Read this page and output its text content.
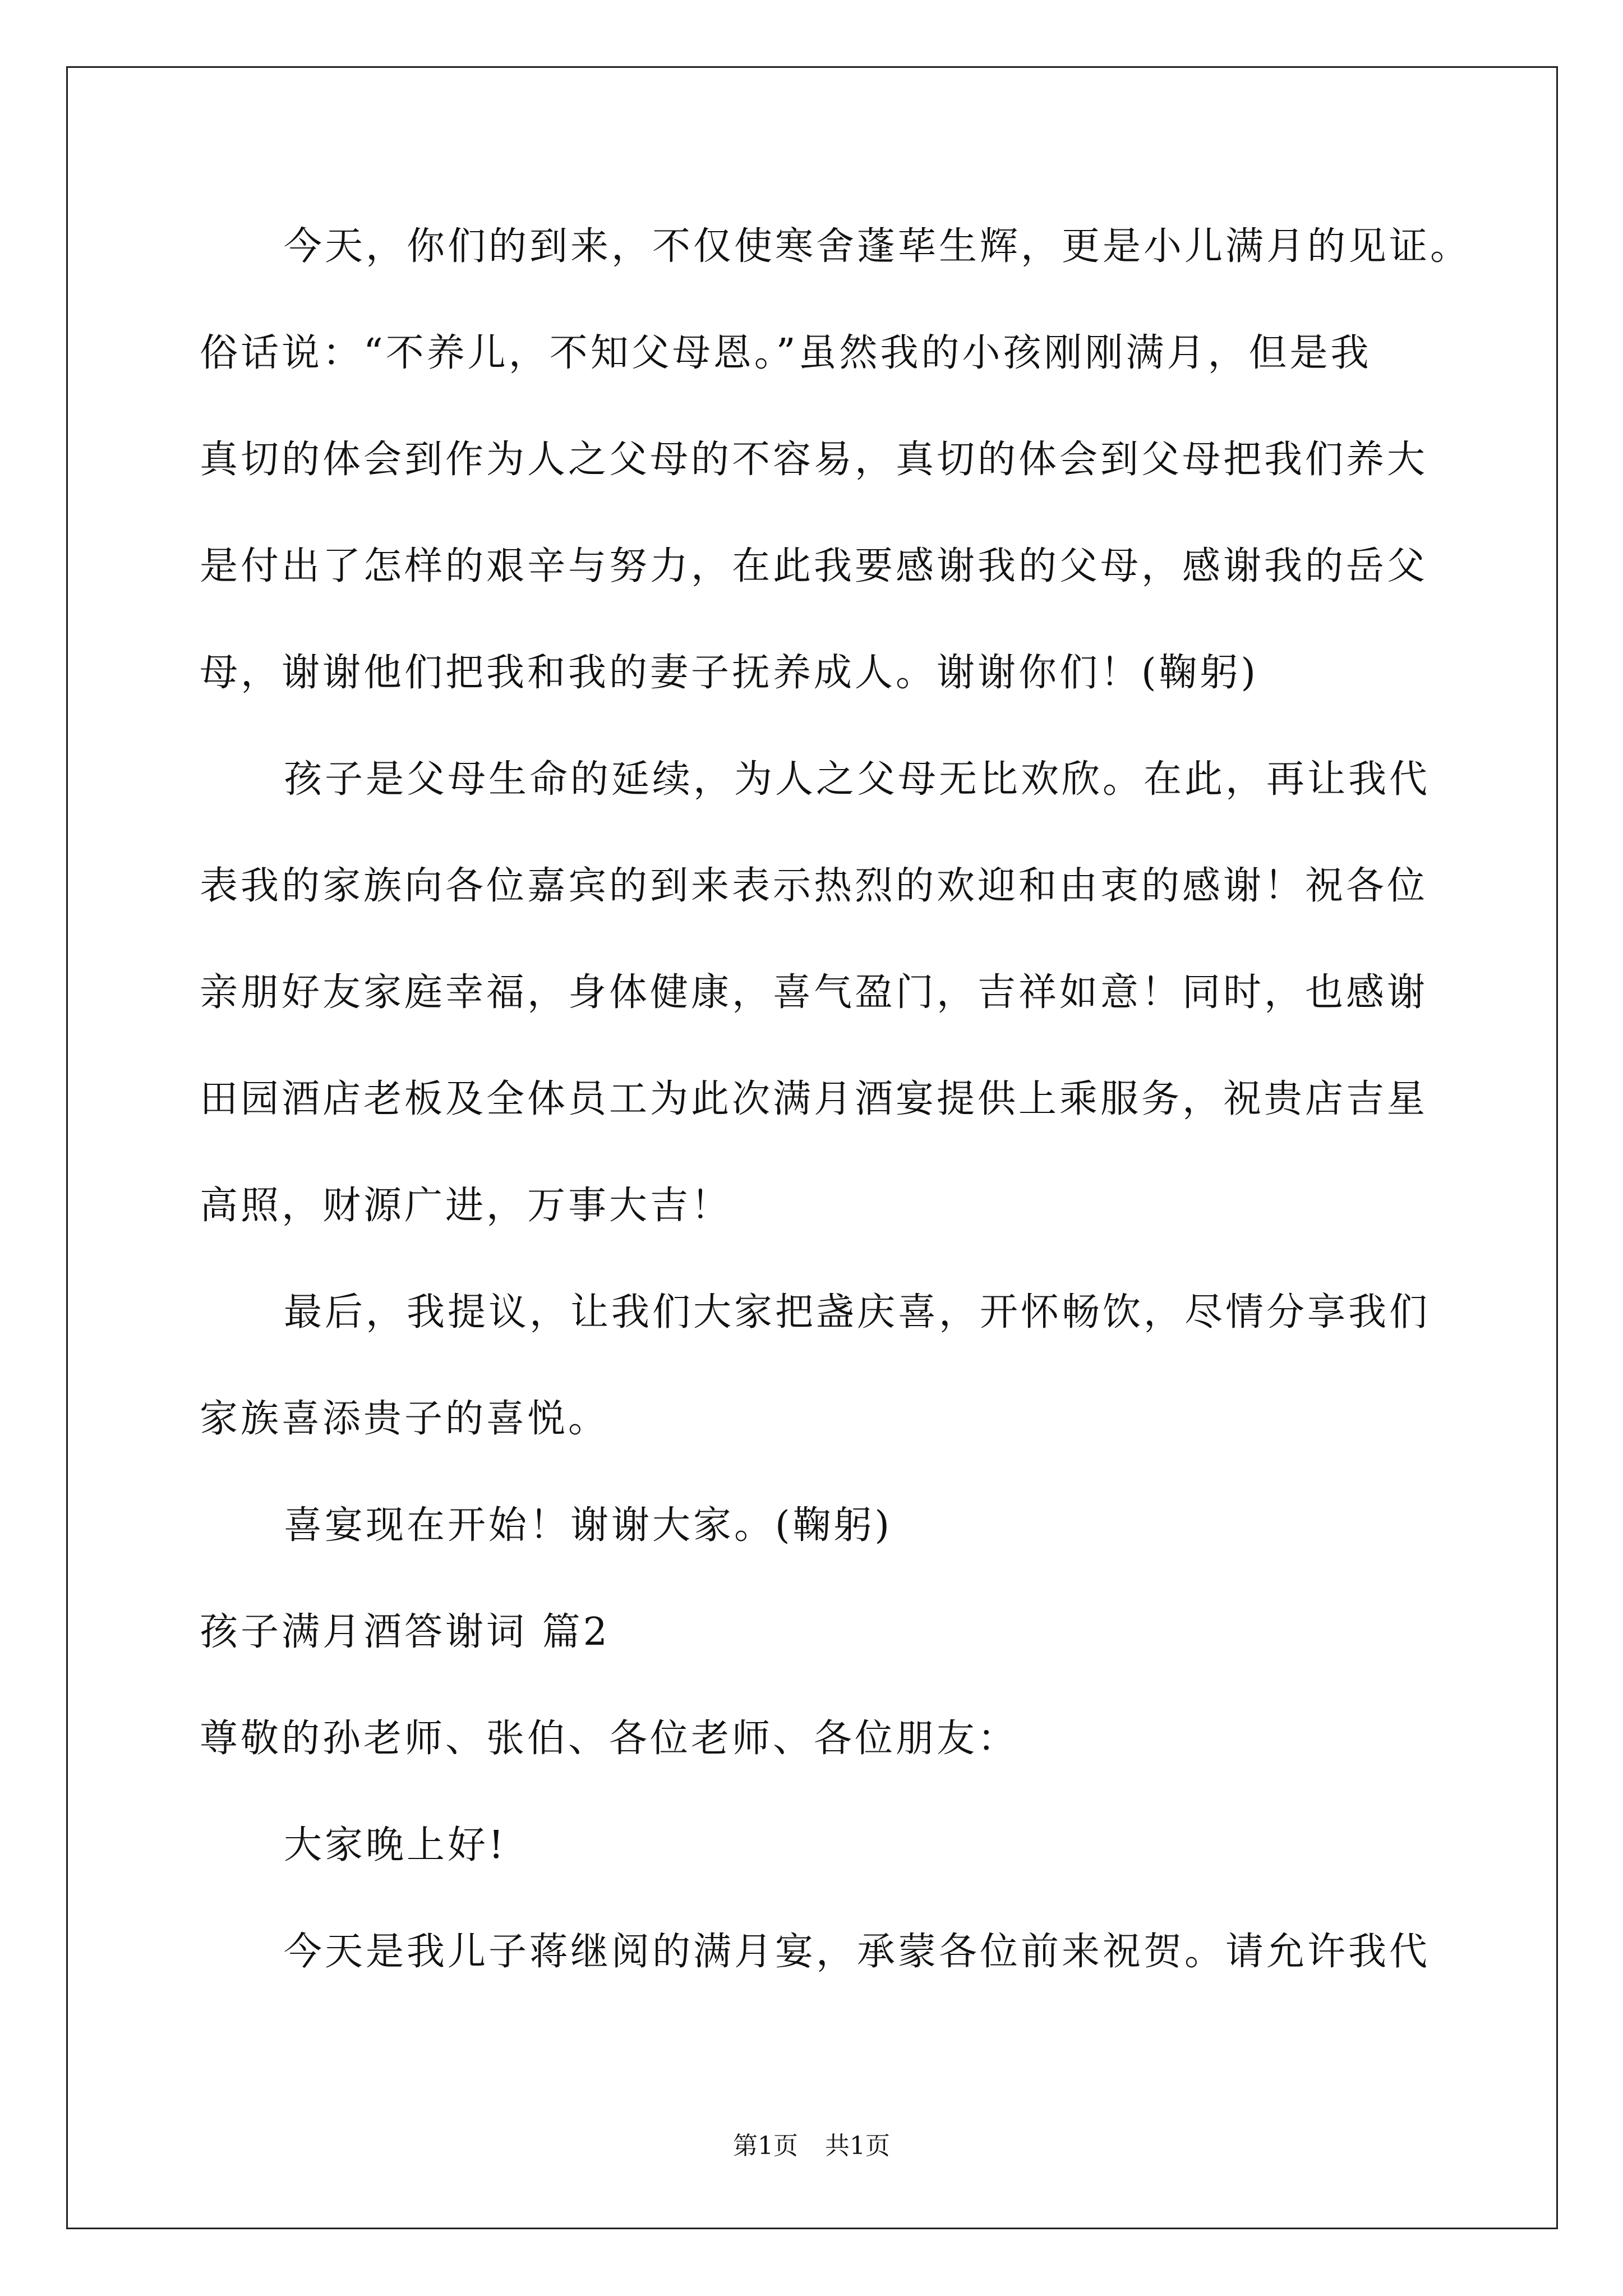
今天，你们的到来，不仅使寒舍蓬荜生辉，更是小儿满月的见证。
俗话说：“不养儿，不知父母恩。”虽然我的小孩刚刚满月，但是我
真切的体会到作为人之父母的不容易，真切的体会到父母把我们养大
是付出了怎样的艰辛与努力，在此我要感谢我的父母，感谢我的岳父
母，谢谢他们把我和我的妻子抚养成人。谢谢你们！(鞠躬)
孩子是父母生命的延续，为人之父母无比欢欣。在此，再让我代
表我的家族向各位嘉宾的到来表示热烈的欢迎和由衷的感谢！祝各位
亲朋好友家庭幸福，身体健康，喜气盈门，吉祥如意！同时，也感谢
田园酒店老板及全体员工为此次满月酒宴提供上乘服务，祝贵店吉星
高照，财源广进，万事大吉！
最后，我提议，让我们大家把盏庆喜，开怀畅饮，尽情分享我们
家族喜添贵子的喜悦。
喜宴现在开始！谢谢大家。(鞠躬)
孩子满月酒答谢词 篇2
尊敬的孙老师、张伯、各位老师、各位朋友：
大家晚上好!
今天是我儿子蒋继阅的满月宴，承蒙各位前来祝贺。请允许我代
第1页 共1页
